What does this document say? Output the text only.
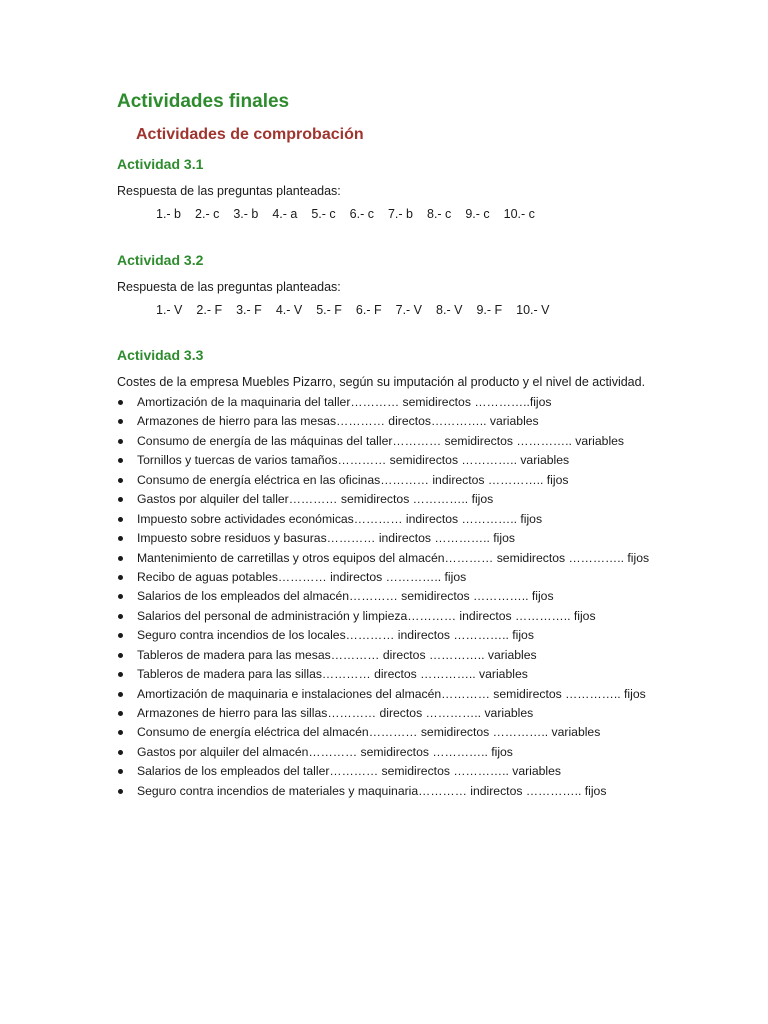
Actividades finales
Actividades de comprobación
Actividad 3.1
Respuesta de las preguntas planteadas:
1.- b 2.- c 3.- b 4.- a 5.- c 6.- c 7.- b 8.- c 9.- c 10.- c
Actividad 3.2
Respuesta de las preguntas planteadas:
1.- V 2.- F 3.- F 4.- V 5.- F 6.- F 7.- V 8.- V 9.- F 10.- V
Actividad 3.3
Costes de la empresa Muebles Pizarro, según su imputación al producto y el nivel de actividad.
Amortización de la maquinaria del taller………… semidirectos …………..fijos
Armazones de hierro para las mesas………… directos………….. variables
Consumo de energía de las máquinas del taller………… semidirectos ………….. variables
Tornillos y tuercas de varios tamaños………… semidirectos ………….. variables
Consumo de energía eléctrica en las oficinas………… indirectos ………….. fijos
Gastos por alquiler del taller………… semidirectos ………….. fijos
Impuesto sobre actividades económicas………… indirectos ………….. fijos
Impuesto sobre residuos y basuras………… indirectos ………….. fijos
Mantenimiento de carretillas y otros equipos del almacén………… semidirectos ………….. fijos
Recibo de aguas potables………… indirectos ………….. fijos
Salarios de los empleados del almacén………… semidirectos ………….. fijos
Salarios del personal de administración y limpieza………… indirectos ………….. fijos
Seguro contra incendios de los locales………… indirectos ………….. fijos
Tableros de madera para las mesas………… directos ………….. variables
Tableros de madera para las sillas………… directos ………….. variables
Amortización de maquinaria e instalaciones del almacén………… semidirectos ………….. fijos
Armazones de hierro para las sillas………… directos ………….. variables
Consumo de energía eléctrica del almacén………… semidirectos ………….. variables
Gastos por alquiler del almacén………… semidirectos ………….. fijos
Salarios de los empleados del taller………… semidirectos ………….. variables
Seguro contra incendios de materiales y maquinaria………… indirectos ………….. fijos
